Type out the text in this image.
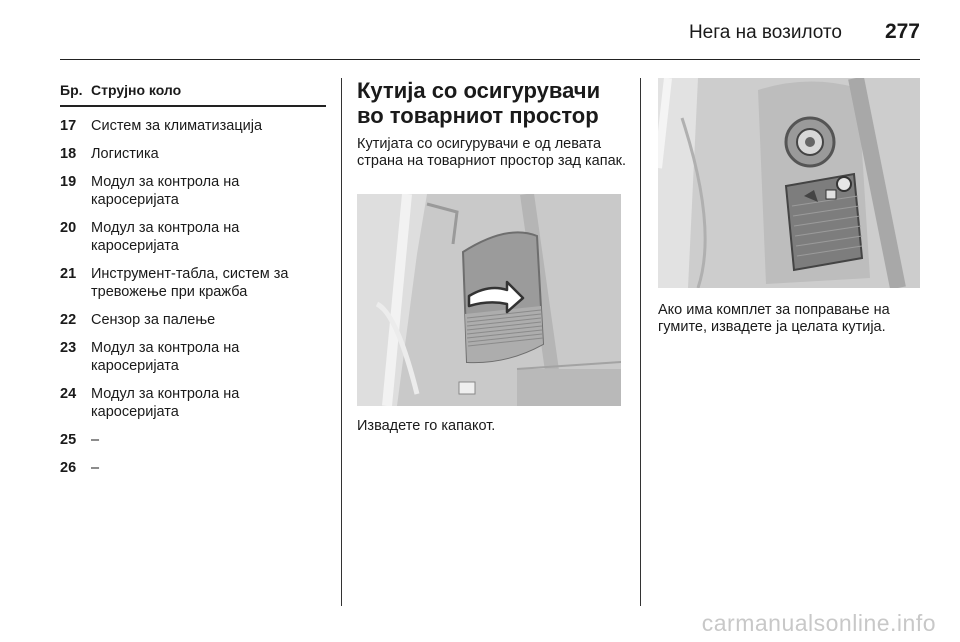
Нега на возилото 277
Бр. Струјно коло
17	Систем за климатизација
18	Логистика
19	Модул за контрола на каросеријата
20	Модул за контрола на каросеријата
21	Инструмент-табла, систем за тревожење при кражба
22	Сензор за палење
23	Модул за контрола на каросеријата
24	Модул за контрола на каросеријата
25	–
26	–
Кутија со осигурувачи во товарниот простор

Кутијата со осигурувачи е од левата страна на товарниот простор зад капак.

Извадете го капакот.
Ако има комплет за поправање на гумите, извадете ја целата кутија.
carmanualsonline.info
